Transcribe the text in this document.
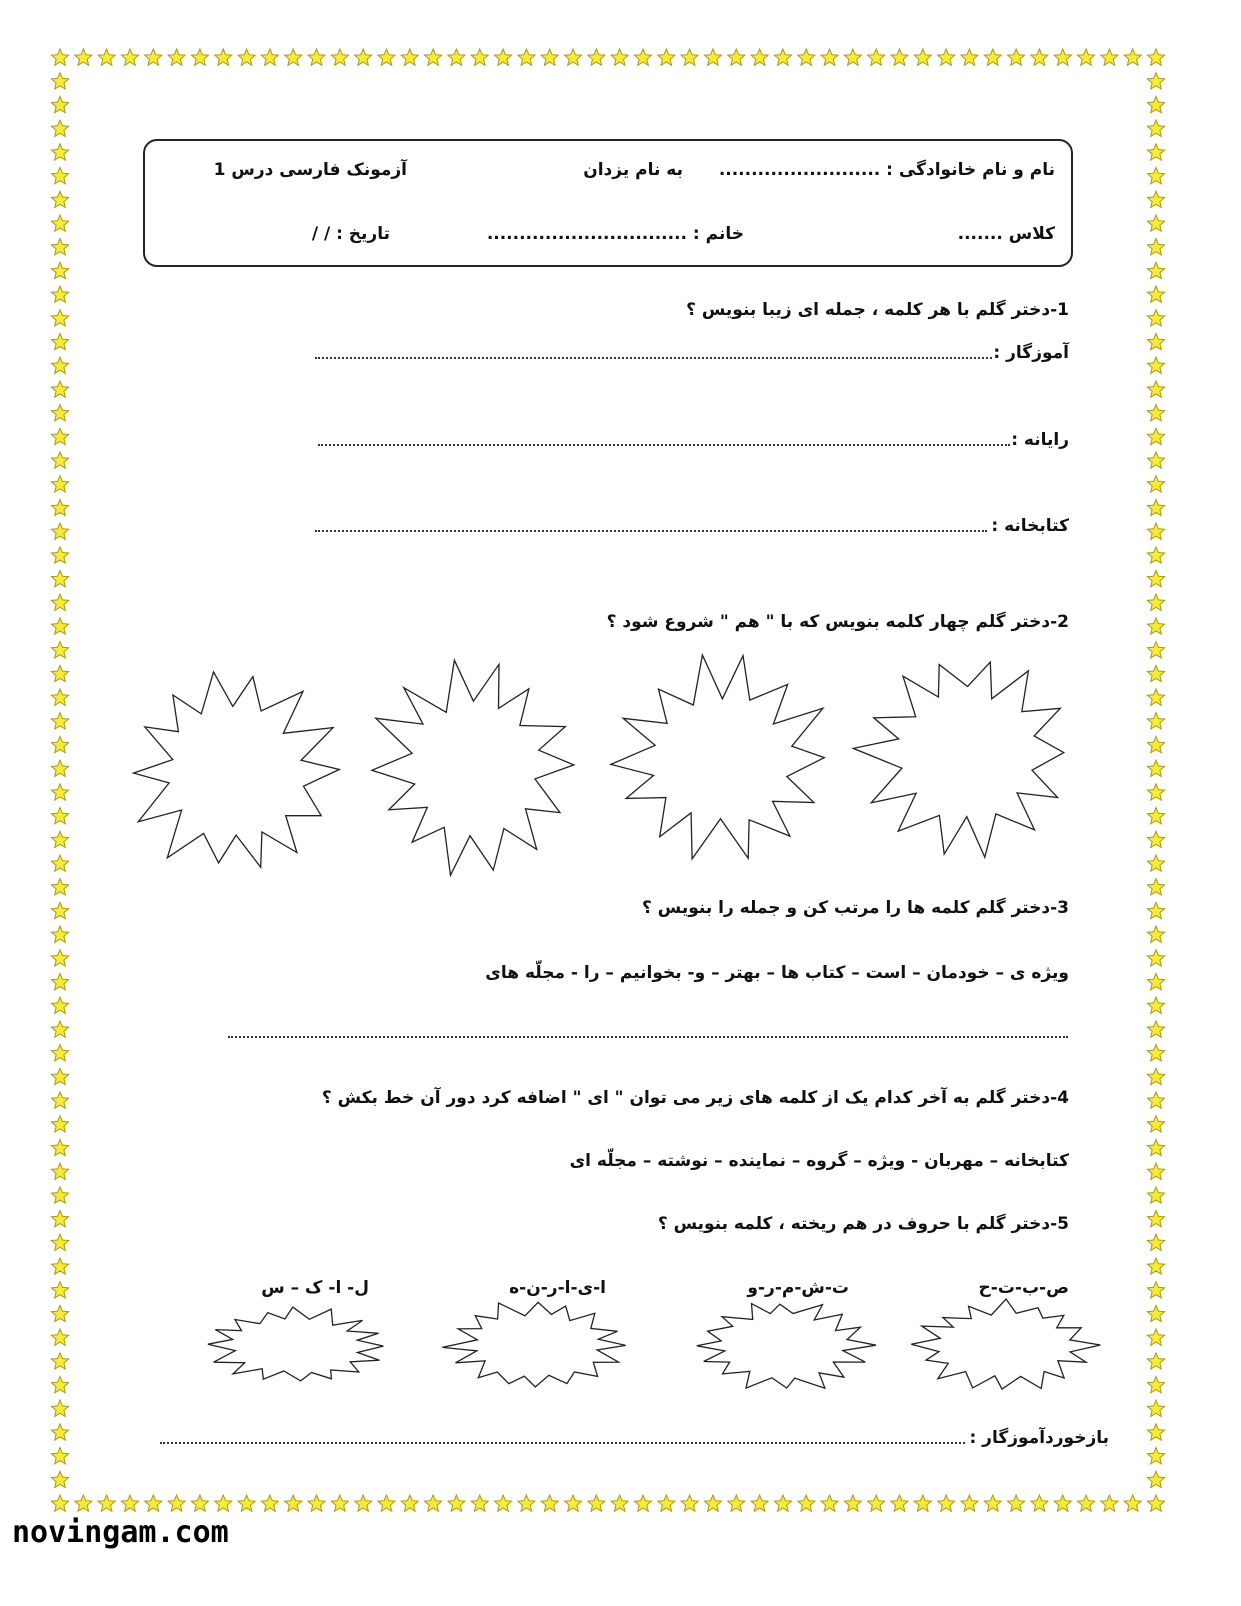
نام و نام خانوادگی : .........................
به نام یزدان
آزمونک فارسی درس 1
کلاس .......
خانم : ...............................
تاریخ : / /
1-دختر گلم با هر کلمه ، جمله ای زیبا بنویس ؟
آموزگار :
رایانه :
کتابخانه :
2-دختر گلم چهار کلمه بنویس که با " هم " شروع شود ؟
3-دختر گلم کلمه ها را مرتب کن و جمله را بنویس ؟
ویژه ی – خودمان – است – کتاب ها – بهتر – و- بخوانیم – را - مجلّه های
4-دختر گلم به آخر کدام یک از کلمه های زیر می توان " ای " اضافه کرد دور آن خط بکش ؟
کتابخانه – مهربان - ویژه – گروه – نماینده – نوشته – مجلّه ای
5-دختر گلم با حروف در هم ریخته ، کلمه بنویس ؟
ص-ب-ت-ح
ت-ش-م-ر-و
ا-ی-ا-ر-ن-ه
ل- ا- ک – س
بازخوردآموزگار :
novingam.com
